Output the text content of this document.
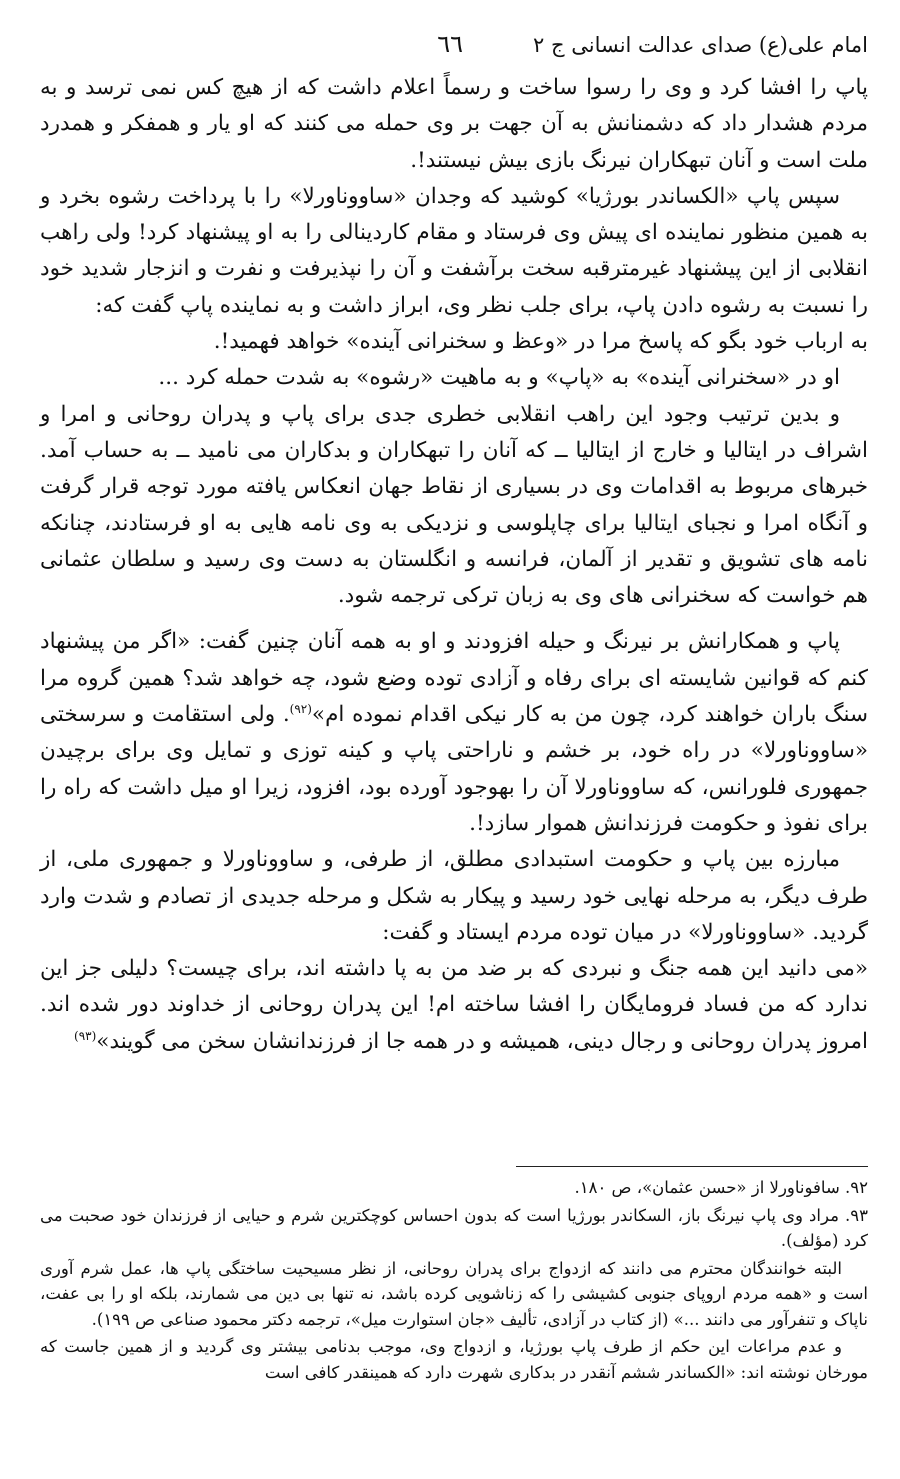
امام علی(ع) صدای عدالت انسانی ج ۲
٦٦

پاپ را افشا کرد و وی را رسوا ساخت و رسماً اعلام داشت که از هیچ کس نمی ترسد و به مردم هشدار داد که دشمنانش به آن جهت بر وی حمله می کنند که او یار و همفکر و همدرد ملت است و آنان تبهکاران نیرنگ بازی بیش نیستند!.

سپس پاپ «الکساندر بورژیا» کوشید که وجدان «ساووناورلا» را با پرداخت رشوه بخرد و به همین منظور نماینده ای پیش وی فرستاد و مقام کاردینالی را به او پیشنهاد کرد! ولی راهب انقلابی از این پیشنهاد غیرمترقبه سخت برآشفت و آن را نپذیرفت و نفرت و انزجار شدید خود را نسبت به رشوه دادن پاپ، برای جلب نظر وی، ابراز داشت و به نماینده پاپ گفت که:

به ارباب خود بگو که پاسخ مرا در «وعظ و سخنرانی آینده» خواهد فهمید!.

او در «سخنرانی آینده» به «پاپ» و به ماهیت «رشوه» به شدت حمله کرد ...

و بدین ترتیب وجود این راهب انقلابی خطری جدی برای پاپ و پدران روحانی و امرا و اشراف در ایتالیا و خارج از ایتالیا ــ که آنان را تبهکاران و بدکاران می نامید ــ به حساب آمد. خبرهای مربوط به اقدامات وی در بسیاری از نقاط جهان انعکاس یافته مورد توجه قرار گرفت و آنگاه امرا و نجبای ایتالیا برای چاپلوسی و نزدیکی به وی نامه هایی به او فرستادند، چنانکه نامه های تشویق و تقدیر از آلمان، فرانسه و انگلستان به دست وی رسید و سلطان عثمانی هم خواست که سخنرانی های وی به زبان ترکی ترجمه شود.

پاپ و همکارانش بر نیرنگ و حیله افزودند و او به همه آنان چنین گفت: «اگر من پیشنهاد کنم که قوانین شایسته ای برای رفاه و آزادی توده وضع شود، چه خواهد شد؟ همین گروه مرا سنگ باران خواهند کرد، چون من به کار نیکی اقدام نموده ام»$^{(۹۲)}$. ولی استقامت و سرسختی «ساووناورلا» در راه خود، بر خشم و ناراحتی پاپ و کینه توزی و تمایل وی برای برچیدن جمهوری فلورانس، که ساووناورلا آن را بهوجود آورده بود، افزود، زیرا او میل داشت که راه را برای نفوذ و حکومت فرزندانش هموار سازد!.

مبارزه بین پاپ و حکومت استبدادی مطلق، از طرفی، و ساووناورلا و جمهوری ملی، از طرف دیگر، به مرحله نهایی خود رسید و پیکار به شکل و مرحله جدیدی از تصادم و شدت وارد گردید. «ساووناورلا» در میان توده مردم ایستاد و گفت:

«می دانید این همه جنگ و نبردی که بر ضد من به پا داشته اند، برای چیست؟ دلیلی جز این ندارد که من فساد فرومایگان را افشا ساخته ام! این پدران روحانی از خداوند دور شده اند. امروز پدران روحانی و رجال دینی، همیشه و در همه جا از فرزندانشان سخن می گویند»$^{(۹۳)}$

۹۲. سافوناورلا از «حسن عثمان»، ص ۱۸۰.

۹۳. مراد وی پاپ نیرنگ باز، السکاندر بورژیا است که بدون احساس کوچکترین شرم و حیایی از فرزندان خود صحبت می کرد (مؤلف).

البته خوانندگان محترم می دانند که ازدواج برای پدران روحانی، از نظر مسیحیت ساختگی پاپ ها، عمل شرم آوری است و «همه مردم اروپای جنوبی کشیشی را که زناشویی کرده باشد، نه تنها بی دین می شمارند، بلکه او را بی عفت، ناپاک و تنفرآور می دانند ...» (از کتاب در آزادی، تألیف «جان استوارت میل»، ترجمه دکتر محمود صناعی ص ۱۹۹).

و عدم مراعات این حکم از طرف پاپ بورژیا، و ازدواج وی، موجب بدنامی بیشتر وی گردید و از همین جاست که مورخان نوشته اند: «الکساندر ششم آنقدر در بدکاری شهرت دارد که همینقدر کافی است
